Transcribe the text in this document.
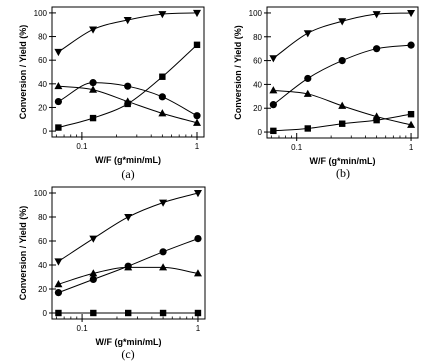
0
20
40
60
80
100
0.1	1
W/F (g*min/mL)
Conversion / Yield (%)
(a)
0
20
40
60
80
100
0.1	1
W/F (g*min/mL)
Conversion / Yield (%)
(b)
0
20
40
60
80
100
0.1	1
W/F (g*min/mL)
Conversion / Yield (%)
(c)
